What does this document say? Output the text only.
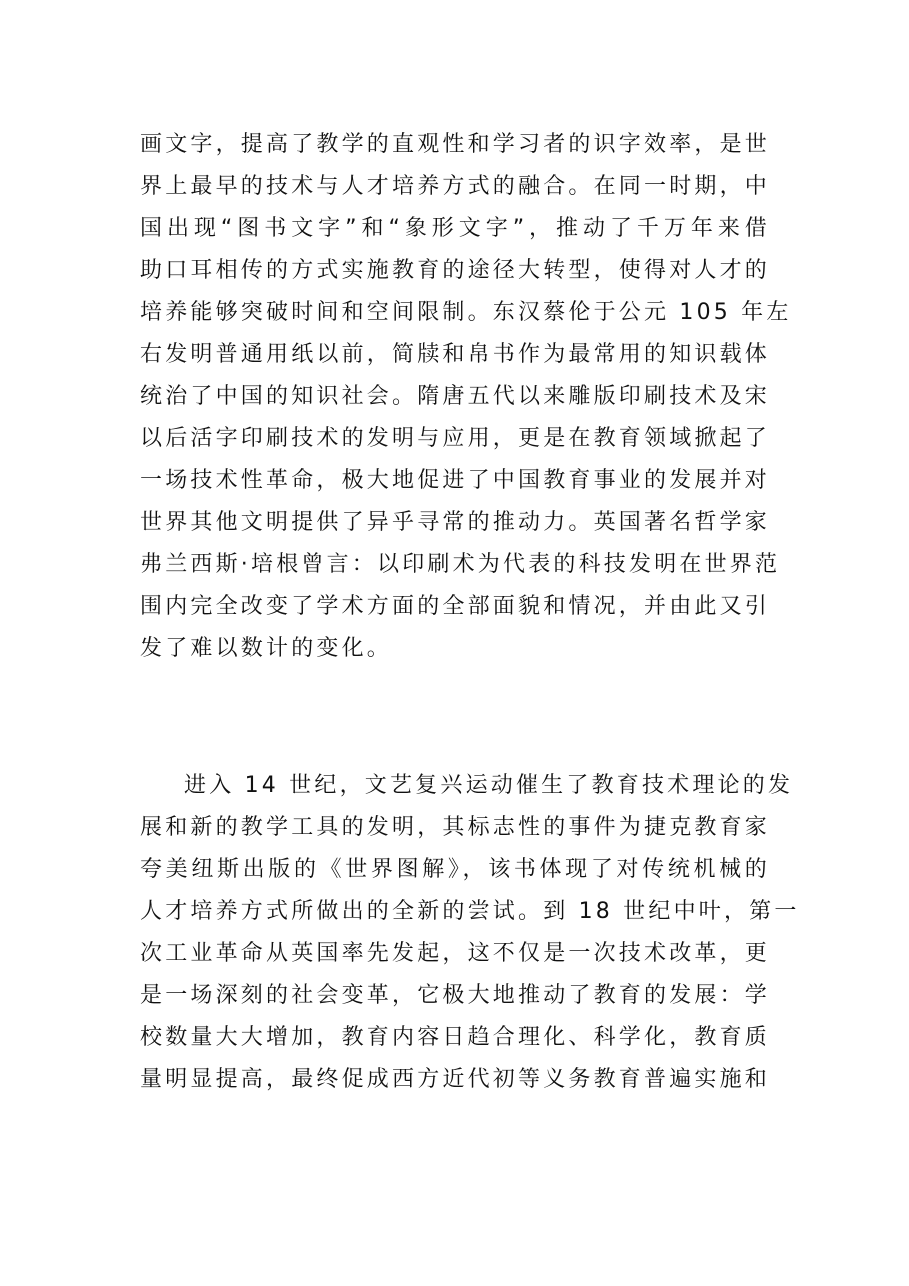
画文字，提高了教学的直观性和学习者的识字效率，是世
界上最早的技术与人才培养方式的融合。在同一时期，中
国出现“图书文字”和“象形文字”，推动了千万年来借
助口耳相传的方式实施教育的途径大转型，使得对人才的
培养能够突破时间和空间限制。东汉蔡伦于公元 105 年左
右发明普通用纸以前，简牍和帛书作为最常用的知识载体
统治了中国的知识社会。隋唐五代以来雕版印刷技术及宋
以后活字印刷技术的发明与应用，更是在教育领域掀起了
一场技术性革命，极大地促进了中国教育事业的发展并对
世界其他文明提供了异乎寻常的推动力。英国著名哲学家
弗兰西斯·培根曾言：以印刷术为代表的科技发明在世界范
围内完全改变了学术方面的全部面貌和情况，并由此又引
发了难以数计的变化。
进入 14 世纪，文艺复兴运动催生了教育技术理论的发
展和新的教学工具的发明，其标志性的事件为捷克教育家
夸美纽斯出版的《世界图解》，该书体现了对传统机械的
人才培养方式所做出的全新的尝试。到 18 世纪中叶，第一
次工业革命从英国率先发起，这不仅是一次技术改革，更
是一场深刻的社会变革，它极大地推动了教育的发展：学
校数量大大增加，教育内容日趋合理化、科学化，教育质
量明显提高，最终促成西方近代初等义务教育普遍实施和
